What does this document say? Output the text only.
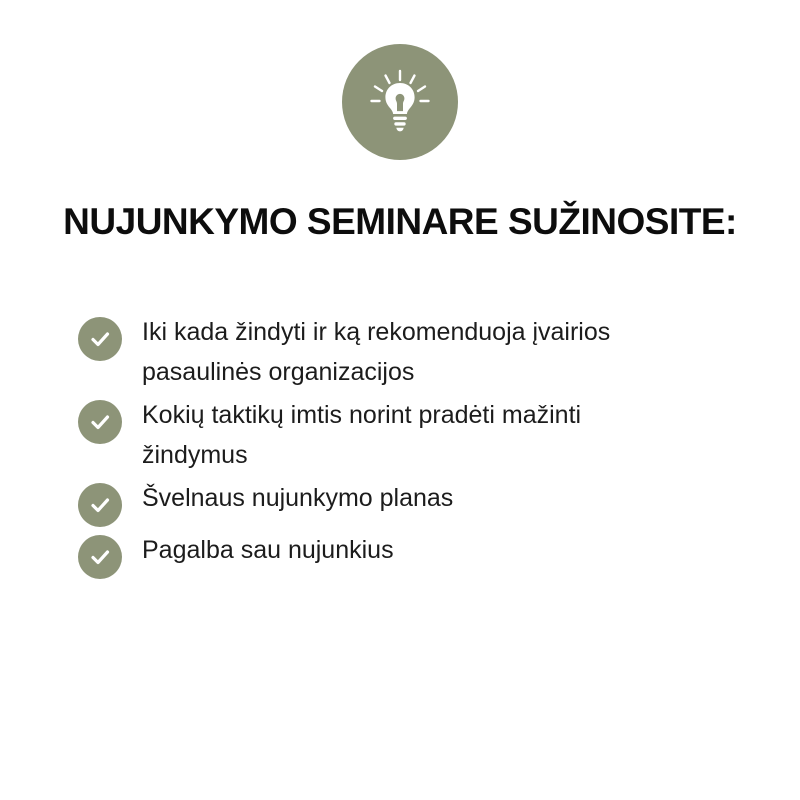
NUJUNKYMO SEMINARE SUŽINOSITE:
Iki kada žindyti ir ką rekomenduoja įvairios pasaulinės organizacijos
Kokių taktikų imtis norint pradėti mažinti žindymus
Švelnaus nujunkymo planas
Pagalba sau nujunkius
